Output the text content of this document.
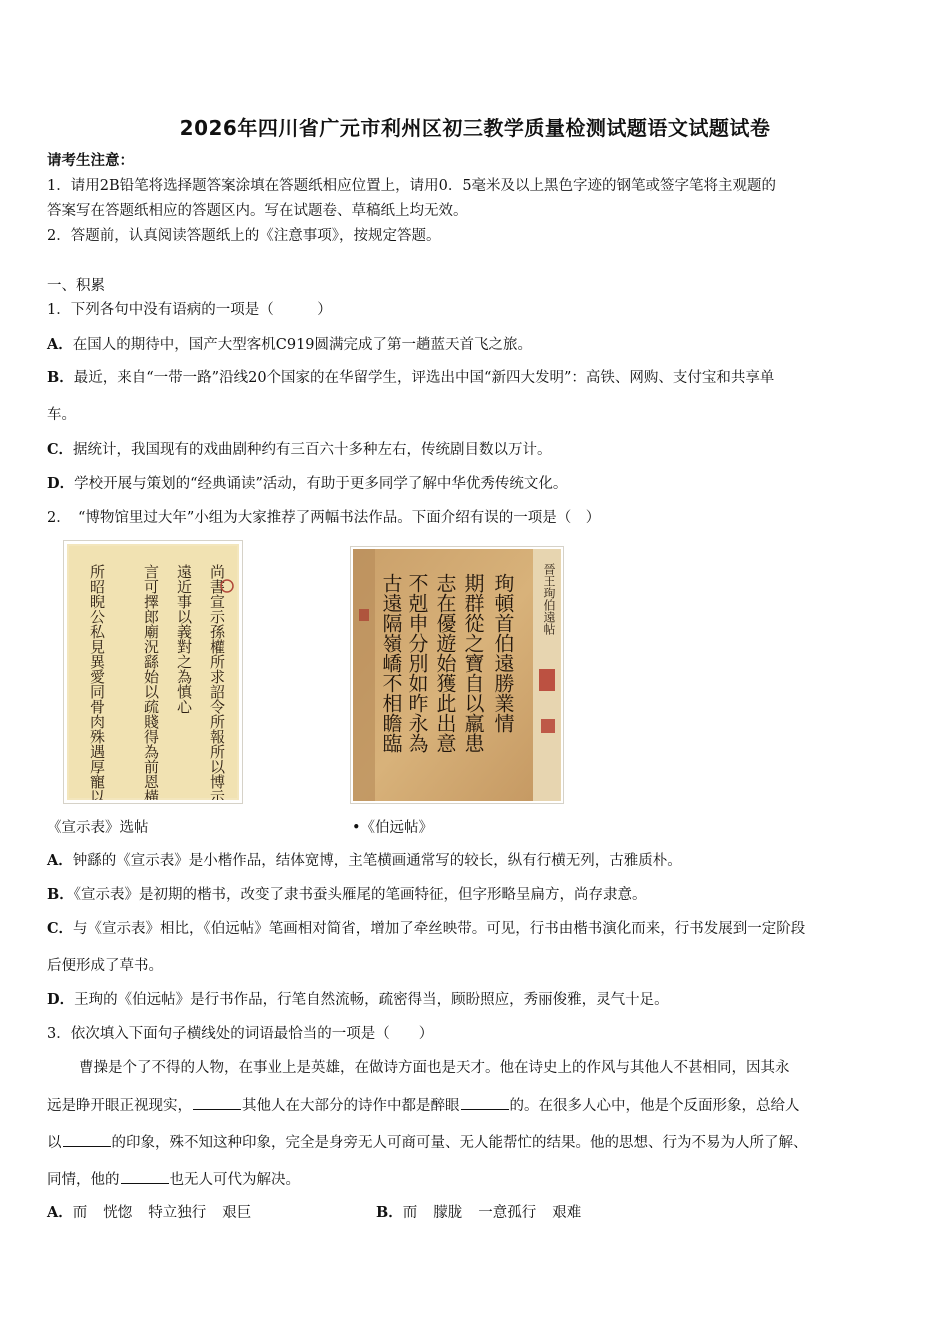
2026年四川省广元市利州区初三教学质量检测试题语文试题试卷
请考生注意：
1．请用2B铅笔将选择题答案涂填在答题纸相应位置上，请用0．5毫米及以上黑色字迹的钢笔或签字笔将主观题的
答案写在答题纸相应的答题区内。写在试题卷、草稿纸上均无效。
2．答题前，认真阅读答题纸上的《注意事项》，按规定答题。
一、积累
1．下列各句中没有语病的一项是（　　　）
A．在国人的期待中，国产大型客机C919圆满完成了第一趟蓝天首飞之旅。
B．最近，来自“一带一路”沿线20个国家的在华留学生，评选出中国“新四大发明”：高铁、网购、支付宝和共享单
车。
C．据统计，我国现有的戏曲剧种约有三百六十多种左右，传统剧目数以万计。
D．学校开展与策划的“经典诵读”活动，有助于更多同学了解中华优秀传统文化。
2．　“博物馆里过大年”小组为大家推荐了两幅书法作品。下面介绍有误的一项是（　）
尚書宣示孫權所求詔令所報所以博示
遠近事以義對之為慎心
言可擇郎廟況繇始以疏賤得為前恩橫
所昭睨公私見異愛同骨肉殊遇厚寵以至	珣頓首伯遠勝業情
期群從之寶自以羸患
志在優遊始獲此出意
不剋申分別如昨永為
古遠隔嶺嶠不相瞻臨	晉王珣伯遠帖
《宣示表》选帖	•《伯远帖》
A．钟繇的《宣示表》是小楷作品，结体宽博，主笔横画通常写的较长，纵有行横无列，古雅质朴。
B．《宣示表》是初期的楷书，改变了隶书蚕头雁尾的笔画特征，但字形略呈扁方，尚存隶意。
C．与《宣示表》相比，《伯远帖》笔画相对简省，增加了牵丝映带。可见，行书由楷书演化而来，行书发展到一定阶段
后便形成了草书。
D．王珣的《伯远帖》是行书作品，行笔自然流畅，疏密得当，顾盼照应，秀丽俊雅，灵气十足。
3．依次填入下面句子横线处的词语最恰当的一项是（　　）
曹操是个了不得的人物，在事业上是英雄，在做诗方面也是天才。他在诗史上的作风与其他人不甚相同，因其永
远是睁开眼正视现实，	其他人在大部分的诗作中都是醉眼	的。在很多人心中，他是个反面形象，总给人
以	的印象，殊不知这种印象，完全是身旁无人可商可量、无人能帮忙的结果。他的思想、行为不易为人所了解、
同情，他的	也无人可代为解决。
A．而 恍惚 特立独行 艰巨	B．而 朦胧 一意孤行 艰难
